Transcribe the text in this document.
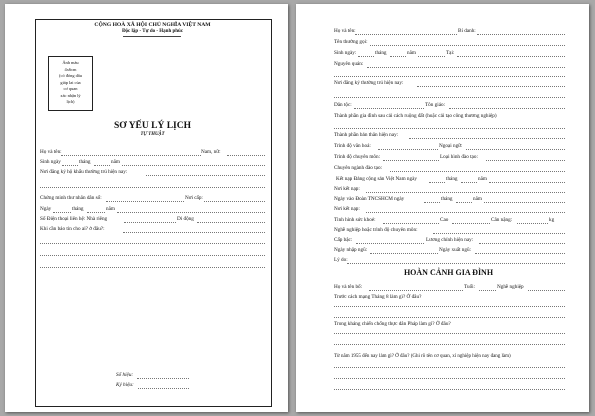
CỘNG HOÀ XÃ HỘI CHỦ NGHĨA VIỆT NAM
Độc lập - Tự do - Hạnh phúc
Ảnh màu
4x6cm
(có đóng dấu
giáp lai của
cơ quan
xác nhận lý
lịch)
SƠ YẾU LÝ LỊCH
TỰ THUẬT
Họ và tên:	Nam, nữ:
Sinh ngày	tháng	năm
Nơi đăng ký hộ khẩu thường trú hiện nay:
Chứng minh thư nhân dân số:	Nơi cấp:
Ngày	tháng	năm
Số Điện thoại liên hệ: Nhà riêng	Di động
Khi cần báo tin cho ai? ở đâu?:
Số hiệu:
Ký hiệu:
Họ và tên:	Bí danh:
Tên thường gọi:
Sinh ngày:	tháng	năm	Tại:
Nguyên quán:
Nơi đăng ký thường trú hiện nay:
Dân tộc:	Tôn giáo:
Thành phần gia đình sau cải cách ruộng đất (hoặc cải tạo công thương nghiệp)
Thành phần bản thân hiện nay:
Trình độ văn hoá:	Ngoại ngữ:
Trình độ chuyên môn:	Loại hình đào tạo:
Chuyên ngành đào tạo:
Kết nạp Đảng cộng sản Việt Nam ngày	tháng	năm
Nơi kết nạp:
Ngày vào Đoàn TNCSHCM ngày	tháng	năm
Nơi kết nạp:
Tình hình sức khoẻ:	Cao	Cân nặng:	kg
Nghề nghiệp hoặc trình độ chuyên môn:
Cấp bậc:	Lương chính hiện nay:
Ngày nhập ngũ:	Ngày xuất ngũ:
Lý do:
HOÀN CẢNH GIA ĐÌNH
Họ và tên bố:	Tuổi:	Nghề nghiệp
Trước cách mạng Tháng 8 làm gì? Ở đâu?
Trong kháng chiến chống thực dân Pháp làm gì? Ở đâu?
Từ năm 1955 đến nay làm gì? Ở đâu? (Ghi rõ tên cơ quan, xí nghiệp hiện nay đang làm)
